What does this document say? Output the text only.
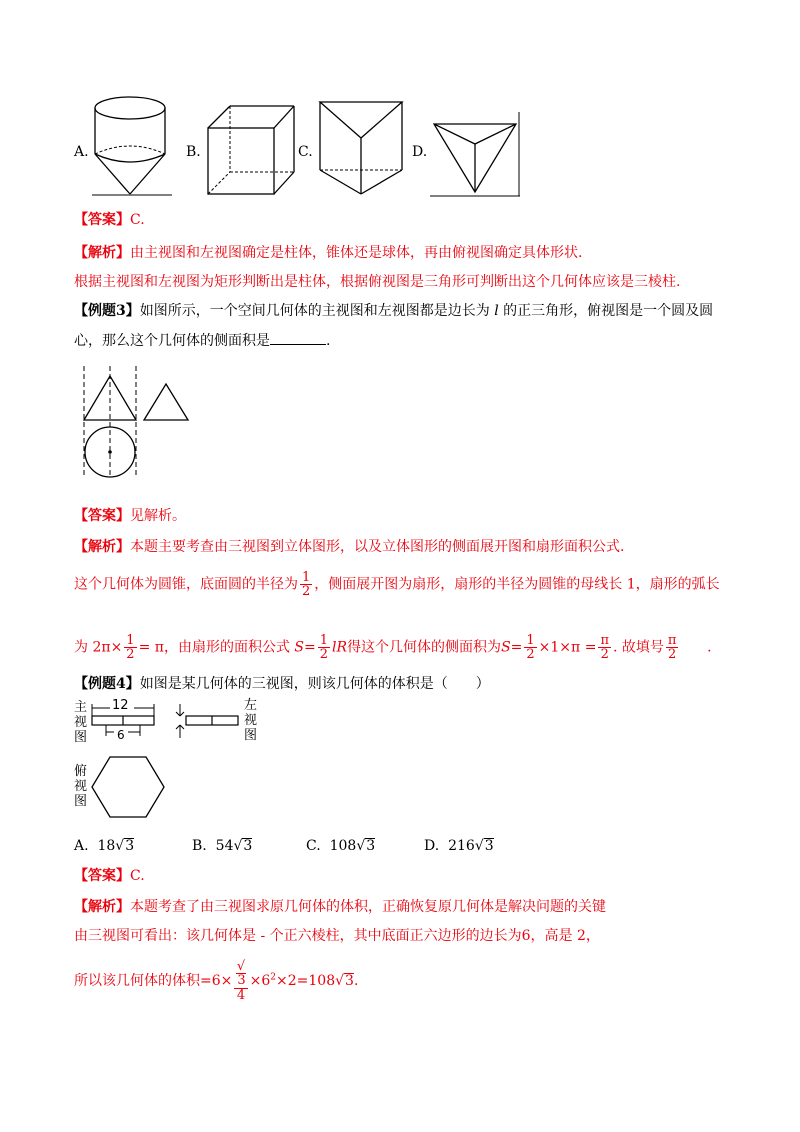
A.	B.	C.	D.
【答案】C.
【解析】由主视图和左视图确定是柱体，锥体还是球体，再由俯视图确定具体形状.
根据主视图和左视图为矩形判断出是柱体，根据俯视图是三角形可判断出这个几何体应该是三棱柱.
【例题3】如图所示，一个空间几何体的主视图和左视图都是边长为 l 的正三角形，俯视图是一个圆及圆
心，那么这个几何体的侧面积是	.
【答案】见解析。
【解析】本题主要考查由三视图到立体图形，以及立体图形的侧面展开图和扇形面积公式.
这个几何体为圆锥，底面圆的半径为 $\frac{1}{2}$ ，侧面展开图为扇形，扇形的半径为圆锥的母线长 1，扇形的弧长
为 $2\pi\times \frac{1}{2} = \pi$，由扇形的面积公式 $S= \frac{1}{2}$ lR得这个几何体的侧面积为$S= \frac{1}{2} \times 1\times\pi = \frac{\pi}{2}$ . 故填号 $\frac{\pi}{2}$ .
【例题4】如图是某几何体的三视图，则该几何体的体积是（　　）
主视图
12
6
左视图
俯视图
A. 18√3	B. 54√3	C. 108√3	D. 216√3
【答案】C.
【解析】本题考查了由三视图求原几何体的体积，正确恢复原几何体是解决问题的关键
由三视图可看出：该几何体是 - 个正六棱柱，其中底面正六边形的边长为6，高是 2，
所以该几何体的体积=6× √
3
$4 \times 6^2\times 2=108√3$.
